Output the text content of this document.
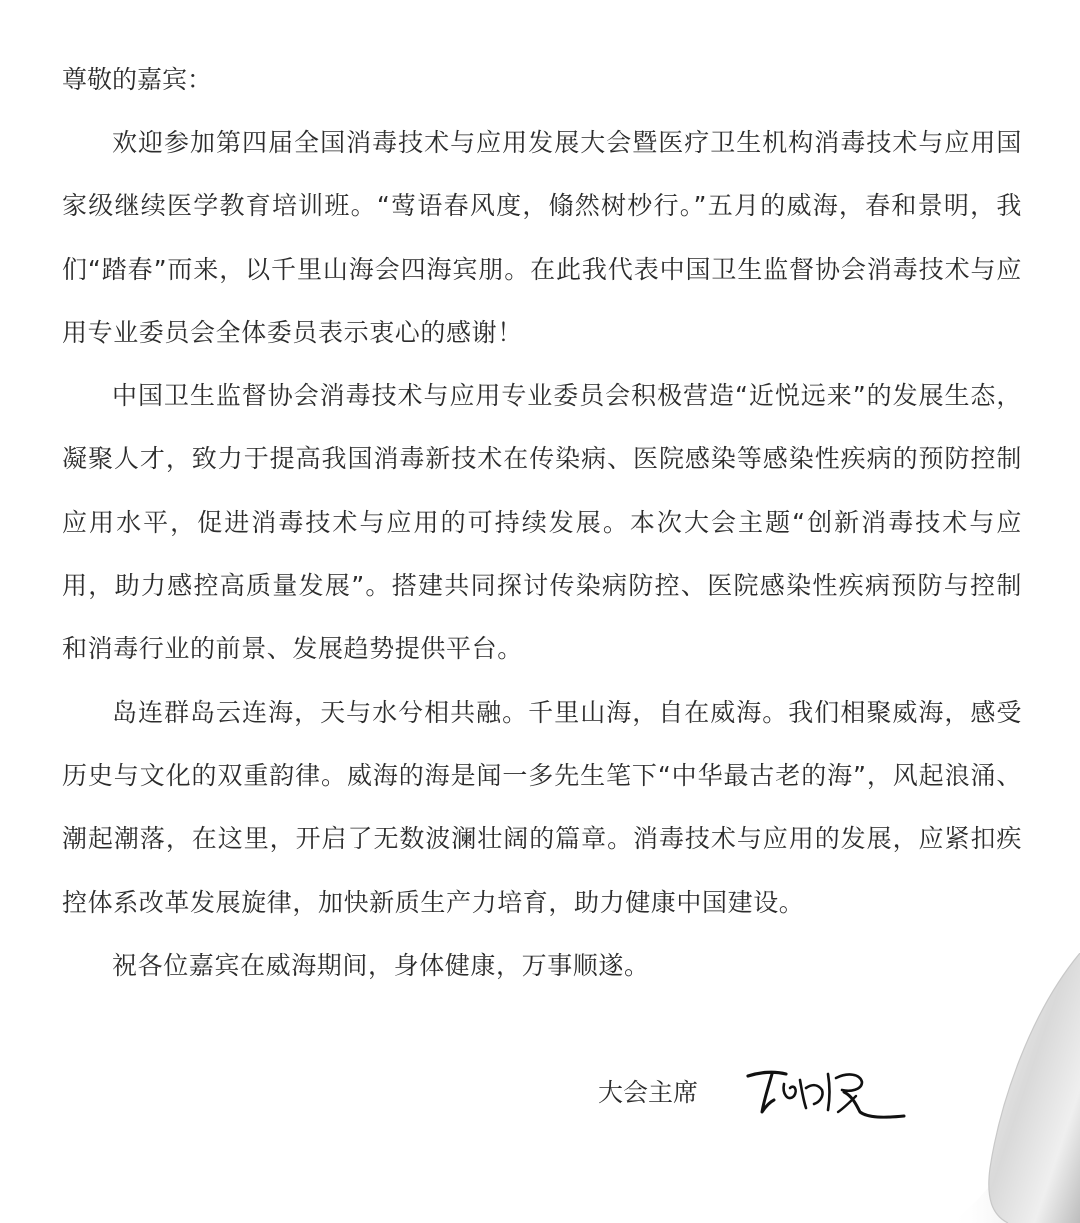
尊敬的嘉宾：

欢迎参加第四届全国消毒技术与应用发展大会暨医疗卫生机构消毒技术与应用国家级继续医学教育培训班。“莺语春风度，翛然树杪行。”五月的威海，春和景明，我们“踏春”而来，以千里山海会四海宾朋。在此我代表中国卫生监督协会消毒技术与应用专业委员会全体委员表示衷心的感谢！

中国卫生监督协会消毒技术与应用专业委员会积极营造“近悦远来”的发展生态，凝聚人才，致力于提高我国消毒新技术在传染病、医院感染等感染性疾病的预防控制应用水平，促进消毒技术与应用的可持续发展。本次大会主题“创新消毒技术与应用，助力感控高质量发展”。搭建共同探讨传染病防控、医院感染性疾病预防与控制和消毒行业的前景、发展趋势提供平台。

岛连群岛云连海，天与水兮相共融。千里山海，自在威海。我们相聚威海，感受历史与文化的双重韵律。威海的海是闻一多先生笔下“中华最古老的海”，风起浪涌、潮起潮落，在这里，开启了无数波澜壮阔的篇章。消毒技术与应用的发展，应紧扣疾控体系改革发展旋律，加快新质生产力培育，助力健康中国建设。

祝各位嘉宾在威海期间，身体健康，万事顺遂。

大会主席
